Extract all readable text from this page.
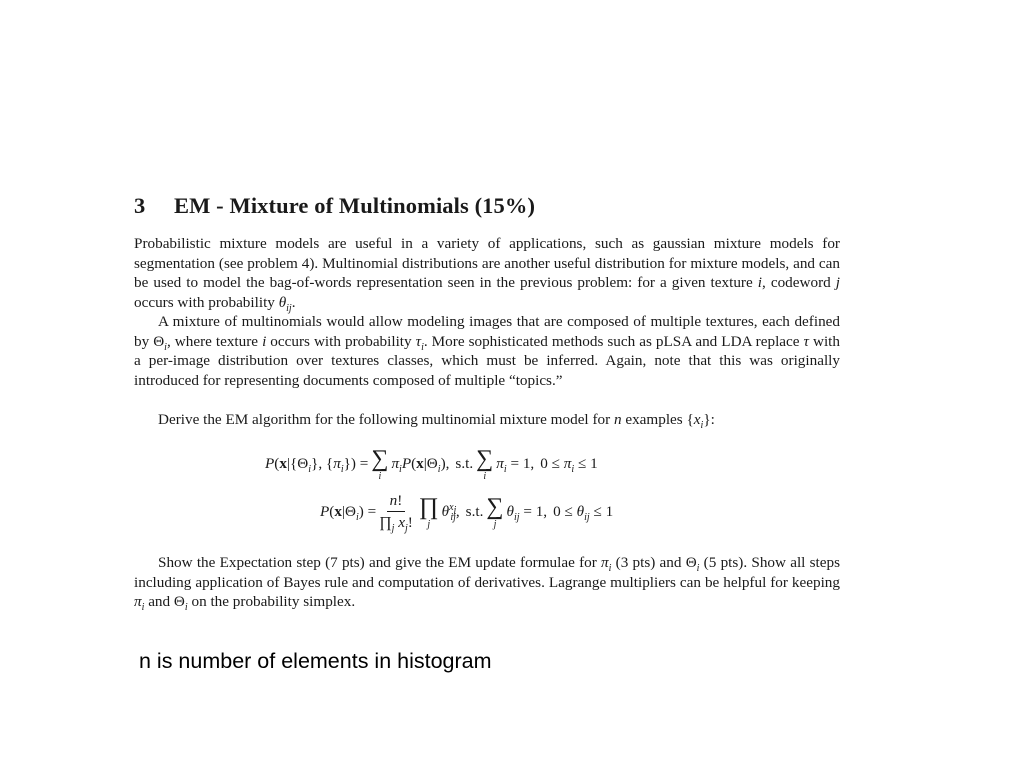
3 EM - Mixture of Multinomials (15%)
Probabilistic mixture models are useful in a variety of applications, such as gaussian mixture models for segmentation (see problem 4). Multinomial distributions are another useful distribution for mixture models, and can be used to model the bag-of-words representation seen in the previous problem: for a given texture i, codeword j occurs with probability $\theta_{ij}$.
A mixture of multinomials would allow modeling images that are composed of multiple textures, each defined by $\Theta_i$, where texture i occurs with probability $\tau_i$. More sophisticated methods such as pLSA and LDA replace τ with a per-image distribution over textures classes, which must be inferred. Again, note that this was originally introduced for representing documents composed of multiple “topics.”
Derive the EM algorithm for the following multinomial mixture model for n examples $\{x_i\}$:
$P(x|\{\Theta_i\}$, $\{\pi_i\}$) = ∑
i
$\pi_iP(x|\Theta_i)$, s.t. ∑
i
$\pi_i = 1$, $0 \le \pi_i \le 1$
$P(x|\Theta_i) = \frac{n!}{\prod_j x_j!}$ ∏
j
$\theta^{x_j}_{ij}$, s.t. ∑
j
$\theta_{ij} = 1$, $0 \le \theta_{ij} \le 1$
Show the Expectation step (7 pts) and give the EM update formulae for $\pi_i$ (3 pts) and $\Theta_i$ (5 pts). Show all steps including application of Bayes rule and computation of derivatives. Lagrange multipliers can be helpful for keeping $\pi_i$ and $\Theta_i$ on the probability simplex.
n is number of elements in histogram
